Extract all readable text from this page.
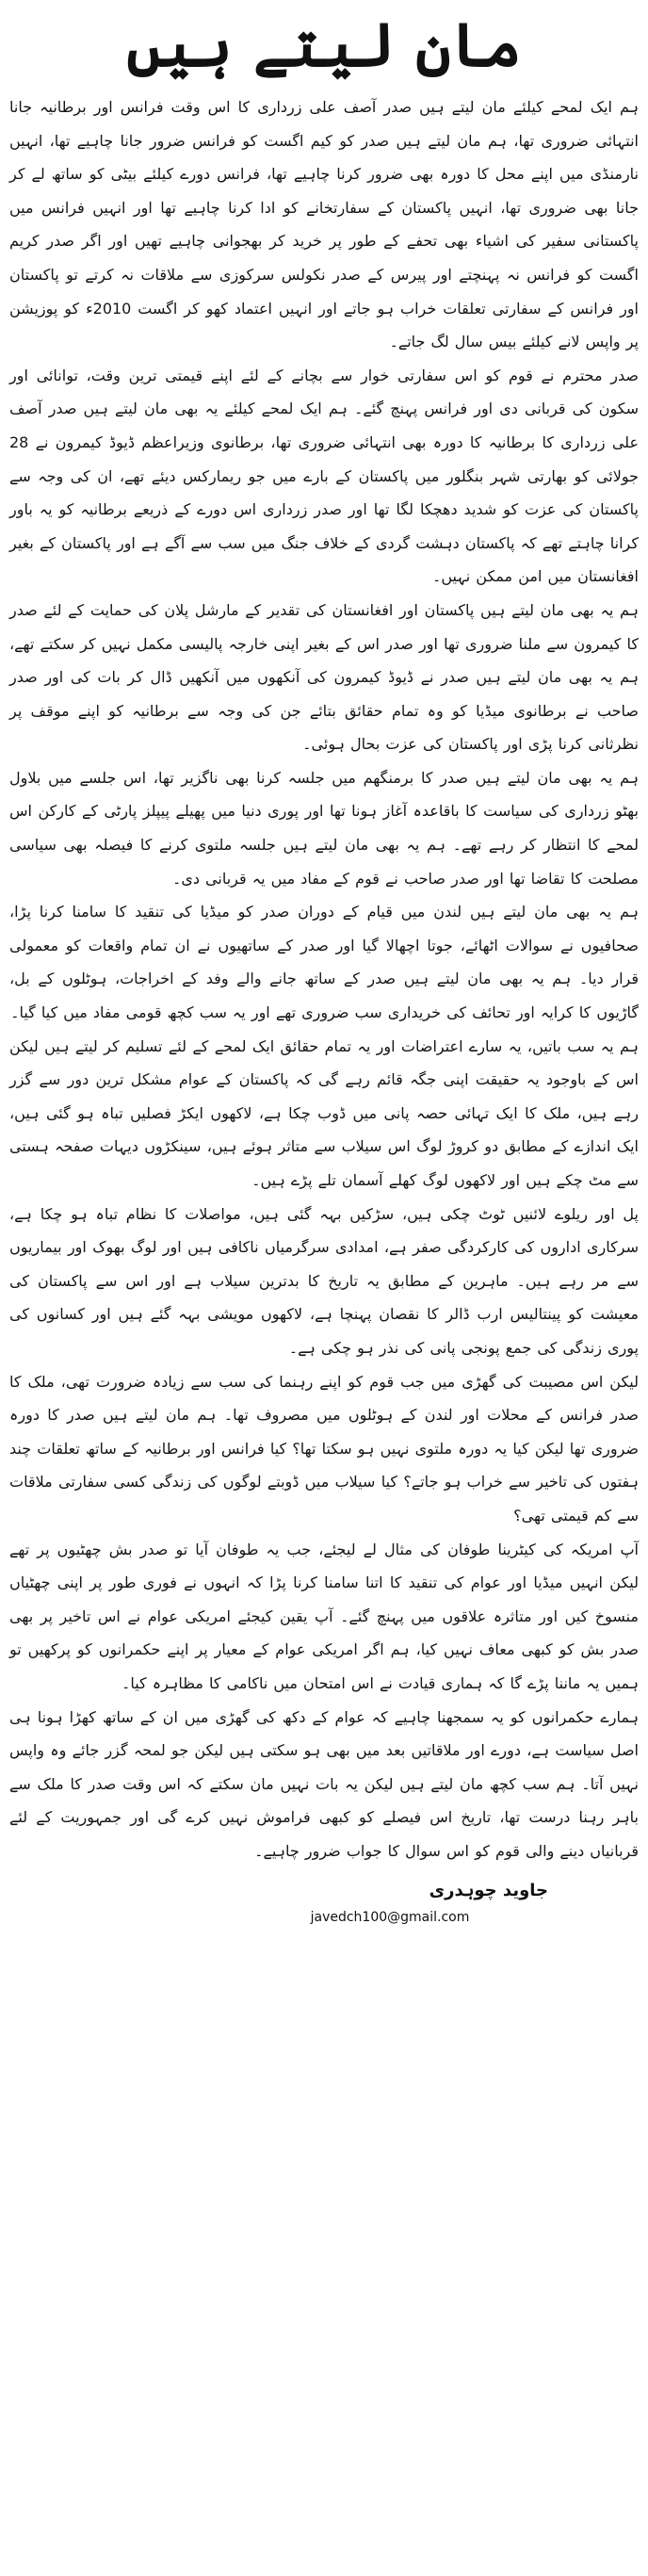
مان لیتے ہیں

ہم ایک لمحے کیلئے مان لیتے ہیں صدر آصف علی زرداری کا اس وقت فرانس اور برطانیہ جانا انتہائی ضروری تھا، ہم مان لیتے ہیں صدر کو کیم اگست کو فرانس ضرور جانا چاہیے تھا، انہیں نارمنڈی میں اپنے محل کا دورہ بھی ضرور کرنا چاہیے تھا، فرانس دورے کیلئے بیٹی کو ساتھ لے کر جانا بھی ضروری تھا، انہیں پاکستان کے سفارتخانے کو ادا کرنا چاہیے تھا اور انہیں فرانس میں پاکستانی سفیر کی اشیاء بھی تحفے کے طور پر خرید کر بھجوانی چاہیے تھیں اور اگر صدر کریم اگست کو فرانس نہ پہنچتے اور پیرس کے صدر نکولس سرکوزی سے ملاقات نہ کرتے تو پاکستان اور فرانس کے سفارتی تعلقات خراب ہو جاتے اور انہیں اعتماد کھو کر اگست 2010ء کو پوزیشن پر واپس لانے کیلئے بیس سال لگ جاتے۔

صدر محترم نے قوم کو اس سفارتی خوار سے بچانے کے لئے اپنے قیمتی ترین وقت، توانائی اور سکون کی قربانی دی اور فرانس پہنچ گئے۔ ہم ایک لمحے کیلئے یہ بھی مان لیتے ہیں صدر آصف علی زرداری کا برطانیہ کا دورہ بھی انتہائی ضروری تھا، برطانوی وزیراعظم ڈیوڈ کیمرون نے 28 جولائی کو بھارتی شہر بنگلور میں پاکستان کے بارے میں جو ریمارکس دیئے تھے، ان کی وجہ سے پاکستان کی عزت کو شدید دھچکا لگا تھا اور صدر زرداری اس دورے کے ذریعے برطانیہ کو یہ باور کرانا چاہتے تھے کہ پاکستان دہشت گردی کے خلاف جنگ میں سب سے آگے ہے اور پاکستان کے بغیر افغانستان میں امن ممکن نہیں۔

ہم یہ بھی مان لیتے ہیں پاکستان اور افغانستان کی تقدیر کے مارشل پلان کی حمایت کے لئے صدر کا کیمرون سے ملنا ضروری تھا اور صدر اس کے بغیر اپنی خارجہ پالیسی مکمل نہیں کر سکتے تھے، ہم یہ بھی مان لیتے ہیں صدر نے ڈیوڈ کیمرون کی آنکھوں میں آنکھیں ڈال کر بات کی اور صدر صاحب نے برطانوی میڈیا کو وہ تمام حقائق بتائے جن کی وجہ سے برطانیہ کو اپنے موقف پر نظرثانی کرنا پڑی اور پاکستان کی عزت بحال ہوئی۔

ہم یہ بھی مان لیتے ہیں صدر کا برمنگھم میں جلسہ کرنا بھی ناگزیر تھا، اس جلسے میں بلاول بھٹو زرداری کی سیاست کا باقاعدہ آغاز ہونا تھا اور پوری دنیا میں پھیلے پیپلز پارٹی کے کارکن اس لمحے کا انتظار کر رہے تھے۔ ہم یہ بھی مان لیتے ہیں جلسہ ملتوی کرنے کا فیصلہ بھی سیاسی مصلحت کا تقاضا تھا اور صدر صاحب نے قوم کے مفاد میں یہ قربانی دی۔

ہم یہ بھی مان لیتے ہیں لندن میں قیام کے دوران صدر کو میڈیا کی تنقید کا سامنا کرنا پڑا، صحافیوں نے سوالات اٹھائے، جوتا اچھالا گیا اور صدر کے ساتھیوں نے ان تمام واقعات کو معمولی قرار دیا۔ ہم یہ بھی مان لیتے ہیں صدر کے ساتھ جانے والے وفد کے اخراجات، ہوٹلوں کے بل، گاڑیوں کا کرایہ اور تحائف کی خریداری سب ضروری تھے اور یہ سب کچھ قومی مفاد میں کیا گیا۔

ہم یہ سب باتیں، یہ سارے اعتراضات اور یہ تمام حقائق ایک لمحے کے لئے تسلیم کر لیتے ہیں لیکن اس کے باوجود یہ حقیقت اپنی جگہ قائم رہے گی کہ پاکستان کے عوام مشکل ترین دور سے گزر رہے ہیں، ملک کا ایک تہائی حصہ پانی میں ڈوب چکا ہے، لاکھوں ایکڑ فصلیں تباہ ہو گئی ہیں، ایک اندازے کے مطابق دو کروڑ لوگ اس سیلاب سے متاثر ہوئے ہیں، سینکڑوں دیہات صفحہ ہستی سے مٹ چکے ہیں اور لاکھوں لوگ کھلے آسمان تلے پڑے ہیں۔

پل اور ریلوے لائنیں ٹوٹ چکی ہیں، سڑکیں بہہ گئی ہیں، مواصلات کا نظام تباہ ہو چکا ہے، سرکاری اداروں کی کارکردگی صفر ہے، امدادی سرگرمیاں ناکافی ہیں اور لوگ بھوک اور بیماریوں سے مر رہے ہیں۔ ماہرین کے مطابق یہ تاریخ کا بدترین سیلاب ہے اور اس سے پاکستان کی معیشت کو پینتالیس ارب ڈالر کا نقصان پہنچا ہے، لاکھوں مویشی بہہ گئے ہیں اور کسانوں کی پوری زندگی کی جمع پونجی پانی کی نذر ہو چکی ہے۔

لیکن اس مصیبت کی گھڑی میں جب قوم کو اپنے رہنما کی سب سے زیادہ ضرورت تھی، ملک کا صدر فرانس کے محلات اور لندن کے ہوٹلوں میں مصروف تھا۔ ہم مان لیتے ہیں صدر کا دورہ ضروری تھا لیکن کیا یہ دورہ ملتوی نہیں ہو سکتا تھا؟ کیا فرانس اور برطانیہ کے ساتھ تعلقات چند ہفتوں کی تاخیر سے خراب ہو جاتے؟ کیا سیلاب میں ڈوبتے لوگوں کی زندگی کسی سفارتی ملاقات سے کم قیمتی تھی؟

آپ امریکہ کی کیٹرینا طوفان کی مثال لے لیجئے، جب یہ طوفان آیا تو صدر بش چھٹیوں پر تھے لیکن انہیں میڈیا اور عوام کی تنقید کا اتنا سامنا کرنا پڑا کہ انہوں نے فوری طور پر اپنی چھٹیاں منسوخ کیں اور متاثرہ علاقوں میں پہنچ گئے۔ آپ یقین کیجئے امریکی عوام نے اس تاخیر پر بھی صدر بش کو کبھی معاف نہیں کیا، ہم اگر امریکی عوام کے معیار پر اپنے حکمرانوں کو پرکھیں تو ہمیں یہ ماننا پڑے گا کہ ہماری قیادت نے اس امتحان میں ناکامی کا مظاہرہ کیا۔

ہمارے حکمرانوں کو یہ سمجھنا چاہیے کہ عوام کے دکھ کی گھڑی میں ان کے ساتھ کھڑا ہونا ہی اصل سیاست ہے، دورے اور ملاقاتیں بعد میں بھی ہو سکتی ہیں لیکن جو لمحہ گزر جائے وہ واپس نہیں آتا۔ ہم سب کچھ مان لیتے ہیں لیکن یہ بات نہیں مان سکتے کہ اس وقت صدر کا ملک سے باہر رہنا درست تھا، تاریخ اس فیصلے کو کبھی فراموش نہیں کرے گی اور جمہوریت کے لئے قربانیاں دینے والی قوم کو اس سوال کا جواب ضرور چاہیے۔

جاوید چوہدری
javedch100@gmail.com
